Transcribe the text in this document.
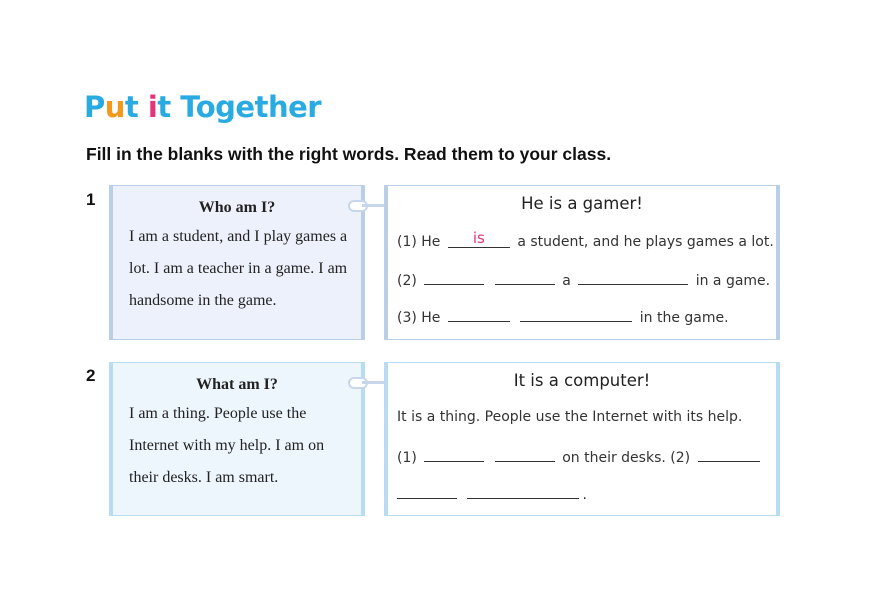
Put it Together
Fill in the blanks with the right words. Read them to your class.
1	Who am I?
I am a student, and I play games a lot. I am a teacher in a game. I am handsome in the game.
He is a gamer!
(1) He is a student, and he plays games a lot.
(2)	a	in a game.
(3) He	in the game.
2	What am I?
I am a thing. People use the Internet with my help. I am on their desks. I am smart.
It is a computer!
It is a thing. People use the Internet with its help.
(1)	on their desks. (2)
.
